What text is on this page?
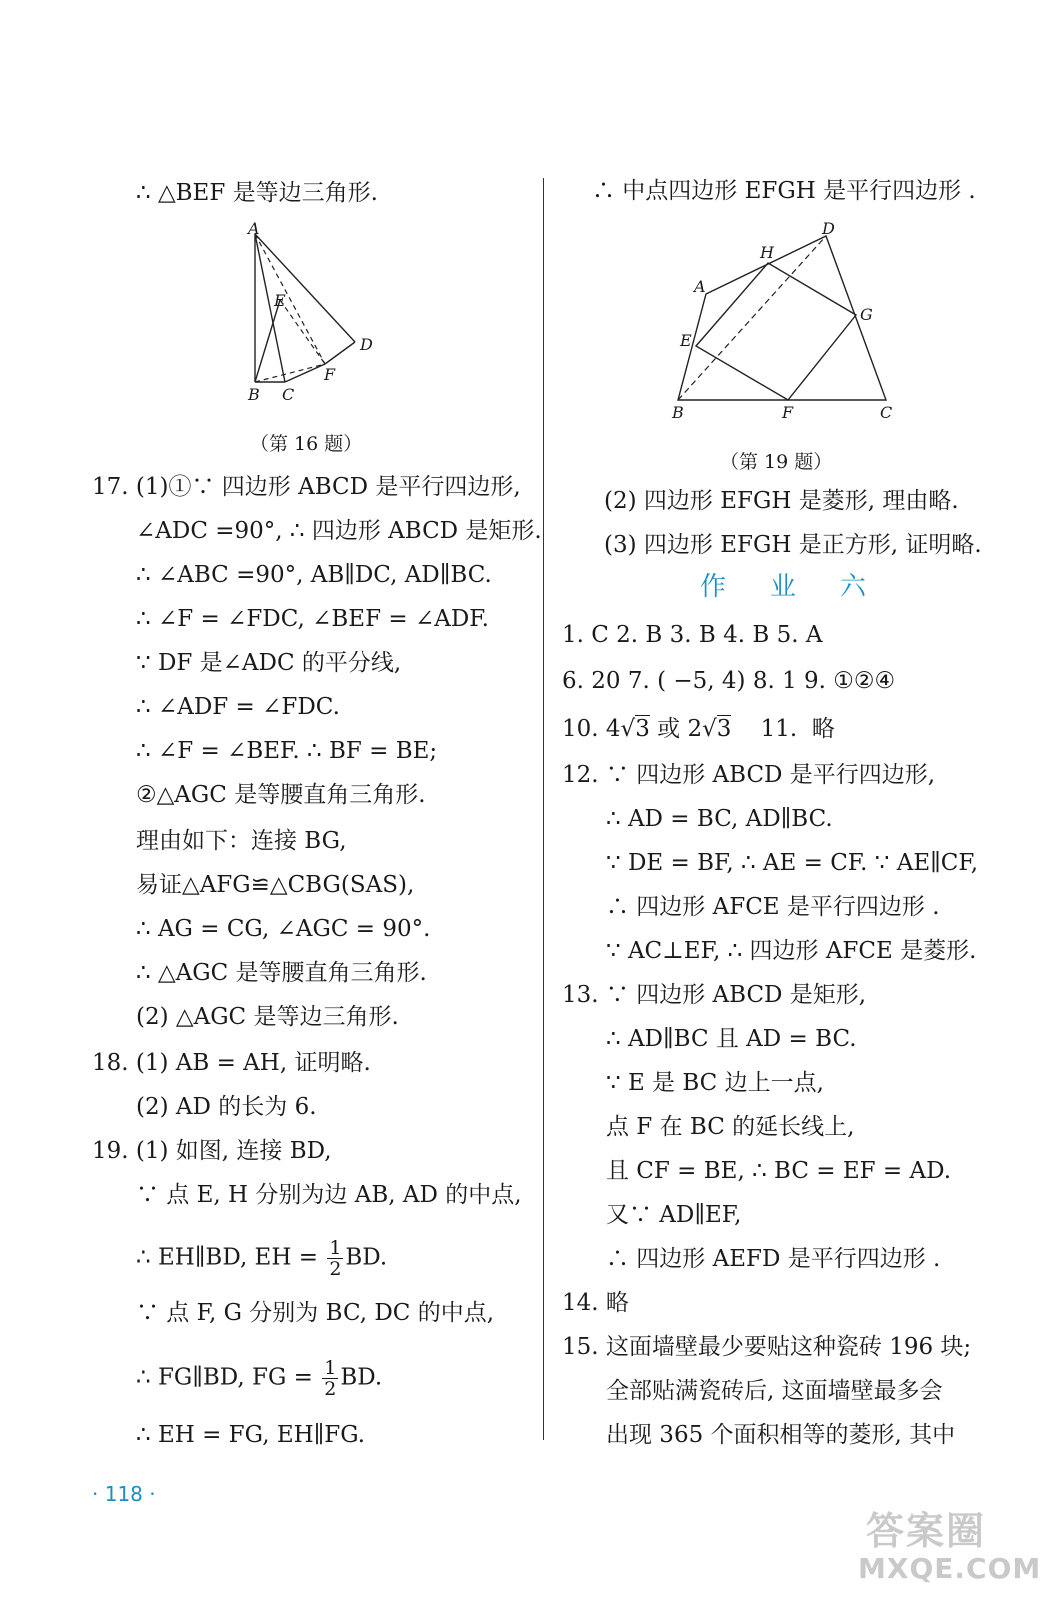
∴ △BEF 是等边三角形.
A
E
D
F
B C
（第 16 题）
17. (1)①∵ 四边形 ABCD 是平行四边形,
∠ADC =90°, ∴ 四边形 ABCD 是矩形.
∴ ∠ABC =90°, AB∥DC, AD∥BC.
∴ ∠F = ∠FDC, ∠BEF = ∠ADF.
∵ DF 是∠ADC 的平分线,
∴ ∠ADF = ∠FDC.
∴ ∠F = ∠BEF. ∴ BF = BE;
②△AGC 是等腰直角三角形.
理由如下：连接 BG,
易证△AFG≌△CBG(SAS),
∴ AG = CG, ∠AGC = 90°.
∴ △AGC 是等腰直角三角形.
(2) △AGC 是等边三角形.
18. (1) AB = AH, 证明略.
(2) AD 的长为 6.
19. (1) 如图, 连接 BD,
∵ 点 E, H 分别为边 AB, AD 的中点,
∴ EH∥BD, EH = $\frac{1}{2}$ BD.
∵ 点 F, G 分别为 BC, DC 的中点,
∴ FG∥BD, FG = $\frac{1}{2}$ BD.
∴ EH = FG, EH∥FG.
∴ 中点四边形 EFGH 是平行四边形 .
D
H
A
G
E
B	F	C
（第 19 题）
(2) 四边形 EFGH 是菱形, 理由略.
(3) 四边形 EFGH 是正方形, 证明略.
作业六
1. C 2. B 3. B 4. B 5. A
6. 20 7. ( −5, 4) 8. 1 9. ①②④
10. 4√3 或 2√3    11.  略
12. ∵ 四边形 ABCD 是平行四边形,
∴ AD = BC, AD∥BC.
∵ DE = BF, ∴ AE = CF. ∵ AE∥CF,
∴ 四边形 AFCE 是平行四边形 .
∵ AC⊥EF, ∴ 四边形 AFCE 是菱形.
13. ∵ 四边形 ABCD 是矩形,
∴ AD∥BC 且 AD = BC.
∵ E 是 BC 边上一点,
点 F 在 BC 的延长线上,
且 CF = BE, ∴ BC = EF = AD.
又∵ AD∥EF,
∴ 四边形 AEFD 是平行四边形 .
14. 略
15. 这面墙壁最少要贴这种瓷砖 196 块;
全部贴满瓷砖后, 这面墙壁最多会
出现 365 个面积相等的菱形, 其中
· 118 ·
答案圈
MXQE.COM
